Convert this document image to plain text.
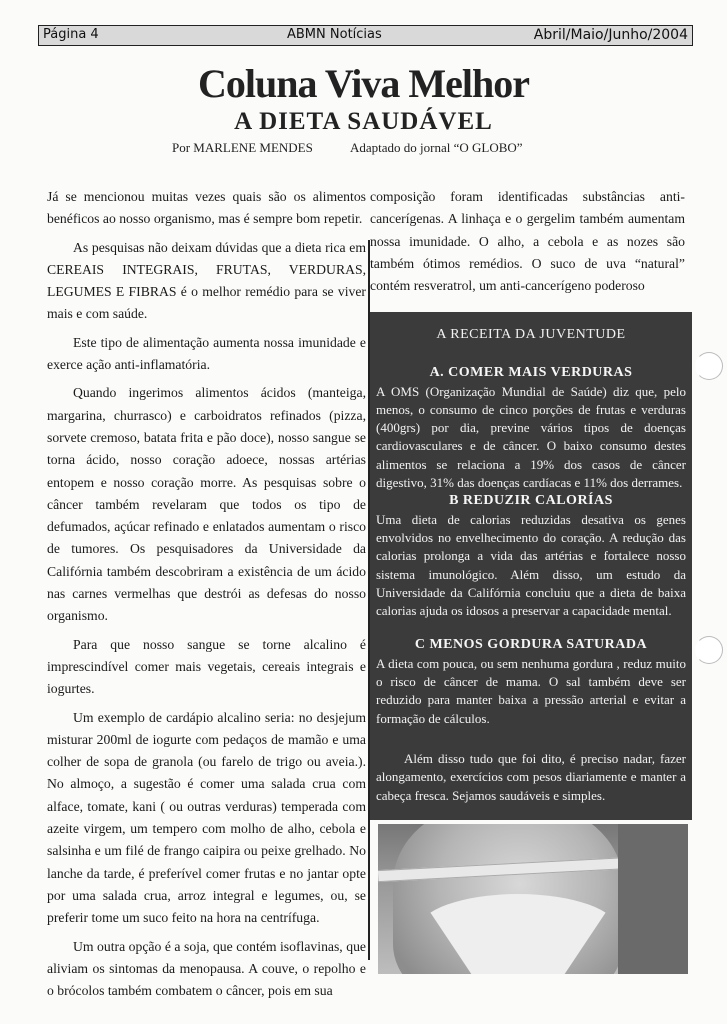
Página 4	ABMN Notícias	Abril/Maio/Junho/2004
Coluna Viva Melhor
A DIETA SAUDÁVEL
Por MARLENE MENDES	Adaptado do jornal “O GLOBO”

Já se mencionou muitas vezes quais são os alimentos benéficos ao nosso organismo, mas é sempre bom repetir.

As pesquisas não deixam dúvidas que a dieta rica em CEREAIS INTEGRAIS, FRUTAS, VERDURAS, LEGUMES E FIBRAS é o melhor remédio para se viver mais e com saúde.

Este tipo de alimentação aumenta nossa imunidade e exerce ação anti-inflamatória.

Quando ingerimos alimentos ácidos (manteiga, margarina, churrasco) e carboidratos refinados (pizza, sorvete cremoso, batata frita e pão doce), nosso sangue se torna ácido, nosso coração adoece, nossas artérias entopem e nosso coração morre. As pesquisas sobre o câncer também revelaram que todos os tipo de defumados, açúcar refinado e enlatados aumentam o risco de tumores. Os pesquisadores da Universidade da Califórnia também descobriram a existência de um ácido nas carnes vermelhas que destrói as defesas do nosso organismo.

Para que nosso sangue se torne alcalino é imprescindível comer mais vegetais, cereais integrais e iogurtes.

Um exemplo de cardápio alcalino seria: no desjejum misturar 200ml de iogurte com pedaços de mamão e uma colher de sopa de granola (ou farelo de trigo ou aveia.). No almoço, a sugestão é comer uma salada crua com alface, tomate, kani ( ou outras verduras) temperada com azeite virgem, um tempero com molho de alho, cebola e salsinha e um filé de frango caipira ou peixe grelhado. No lanche da tarde, é preferível comer frutas e no jantar opte por uma salada crua, arroz integral e legumes, ou, se preferir tome um suco feito na hora na centrífuga.

Um outra opção é a soja, que contém isoflavinas, que aliviam os sintomas da menopausa. A couve, o repolho e o brócolos também combatem o câncer, pois em sua

composição foram identificadas substâncias anti-cancerígenas. A linhaça e o gergelim também aumentam nossa imunidade. O alho, a cebola e as nozes são também ótimos remédios. O suco de uva “natural” contém resveratrol, um anti-cancerígeno poderoso

A RECEITA DA JUVENTUDE
A. COMER MAIS VERDURAS

A OMS (Organização Mundial de Saúde) diz que, pelo menos, o consumo de cinco porções de frutas e verduras (400grs) por dia, previne vários tipos de doenças cardiovasculares e de câncer. O baixo consumo destes alimentos se relaciona a 19% dos casos de câncer digestivo, 31% das doenças cardíacas e 11% dos derrames.

B REDUZIR CALORÍAS

Uma dieta de calorias reduzidas desativa os genes envolvidos no envelhecimento do coração. A redução das calorias prolonga a vida das artérias e fortalece nosso sistema imunológico. Além disso, um estudo da Universidade da Califórnia concluiu que a dieta de baixa calorias ajuda os idosos a preservar a capacidade mental.

C MENOS GORDURA SATURADA

A dieta com pouca, ou sem nenhuma gordura , reduz muito o risco de câncer de mama. O sal também deve ser reduzido para manter baixa a pressão arterial e evitar a formação de cálculos.

Além disso tudo que foi dito, é preciso nadar, fazer alongamento, exercícios com pesos diariamente e manter a cabeça fresca. Sejamos saudáveis e simples.
